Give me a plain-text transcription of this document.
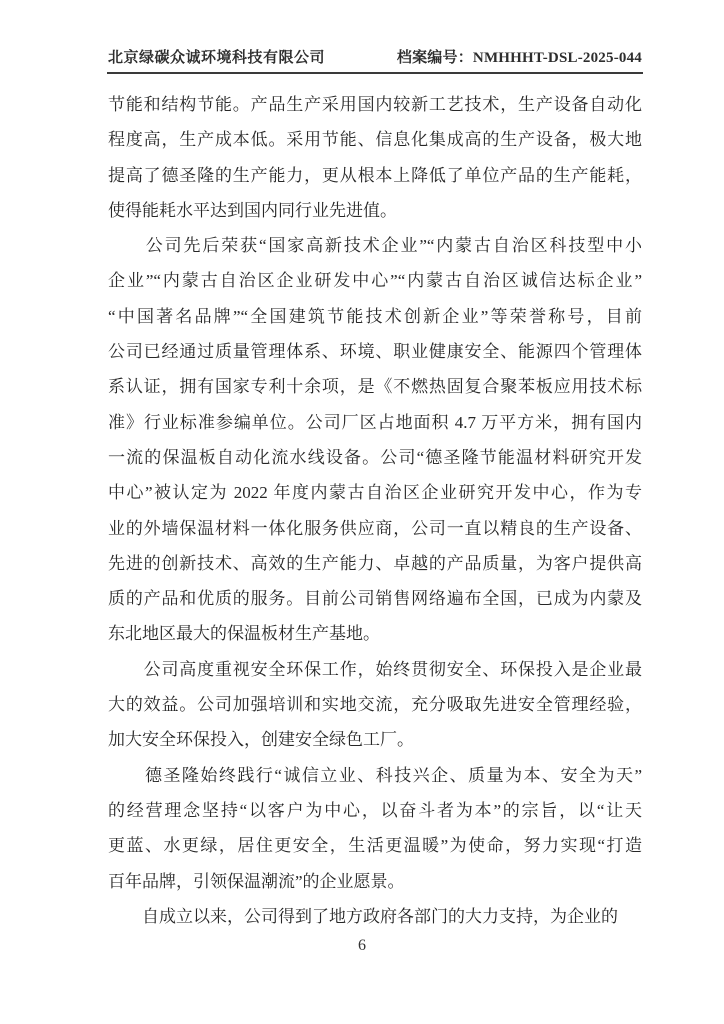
北京绿碳众诚环境科技有限公司	档案编号：NMHHHT-DSL-2025-044
节能和结构节能。产品生产采用国内较新工艺技术，生产设备自动化
程度高，生产成本低。采用节能、信息化集成高的生产设备，极大地
提高了德圣隆的生产能力，更从根本上降低了单位产品的生产能耗，
使得能耗水平达到国内同行业先进值。
　　公司先后荣获“国家高新技术企业”“内蒙古自治区科技型中小
企业”“内蒙古自治区企业研发中心”“内蒙古自治区诚信达标企业”
“中国著名品牌”“全国建筑节能技术创新企业”等荣誉称号，目前
公司已经通过质量管理体系、环境、职业健康安全、能源四个管理体
系认证，拥有国家专利十余项，是《不燃热固复合聚苯板应用技术标
准》行业标准参编单位。公司厂区占地面积 4.7 万平方米，拥有国内
一流的保温板自动化流水线设备。公司“德圣隆节能温材料研究开发
中心”被认定为 2022 年度内蒙古自治区企业研究开发中心，作为专
业的外墙保温材料一体化服务供应商，公司一直以精良的生产设备、
先进的创新技术、高效的生产能力、卓越的产品质量，为客户提供高
质的产品和优质的服务。目前公司销售网络遍布全国，已成为内蒙及
东北地区最大的保温板材生产基地。
　　公司高度重视安全环保工作，始终贯彻安全、环保投入是企业最
大的效益。公司加强培训和实地交流，充分吸取先进安全管理经验，
加大安全环保投入，创建安全绿色工厂。
　　德圣隆始终践行“诚信立业、科技兴企、质量为本、安全为天”
的经营理念坚持“以客户为中心，以奋斗者为本”的宗旨，以“让天
更蓝、水更绿，居住更安全，生活更温暖”为使命，努力实现“打造
百年品牌，引领保温潮流”的企业愿景。
　　自成立以来，公司得到了地方政府各部门的大力支持，为企业的
6
